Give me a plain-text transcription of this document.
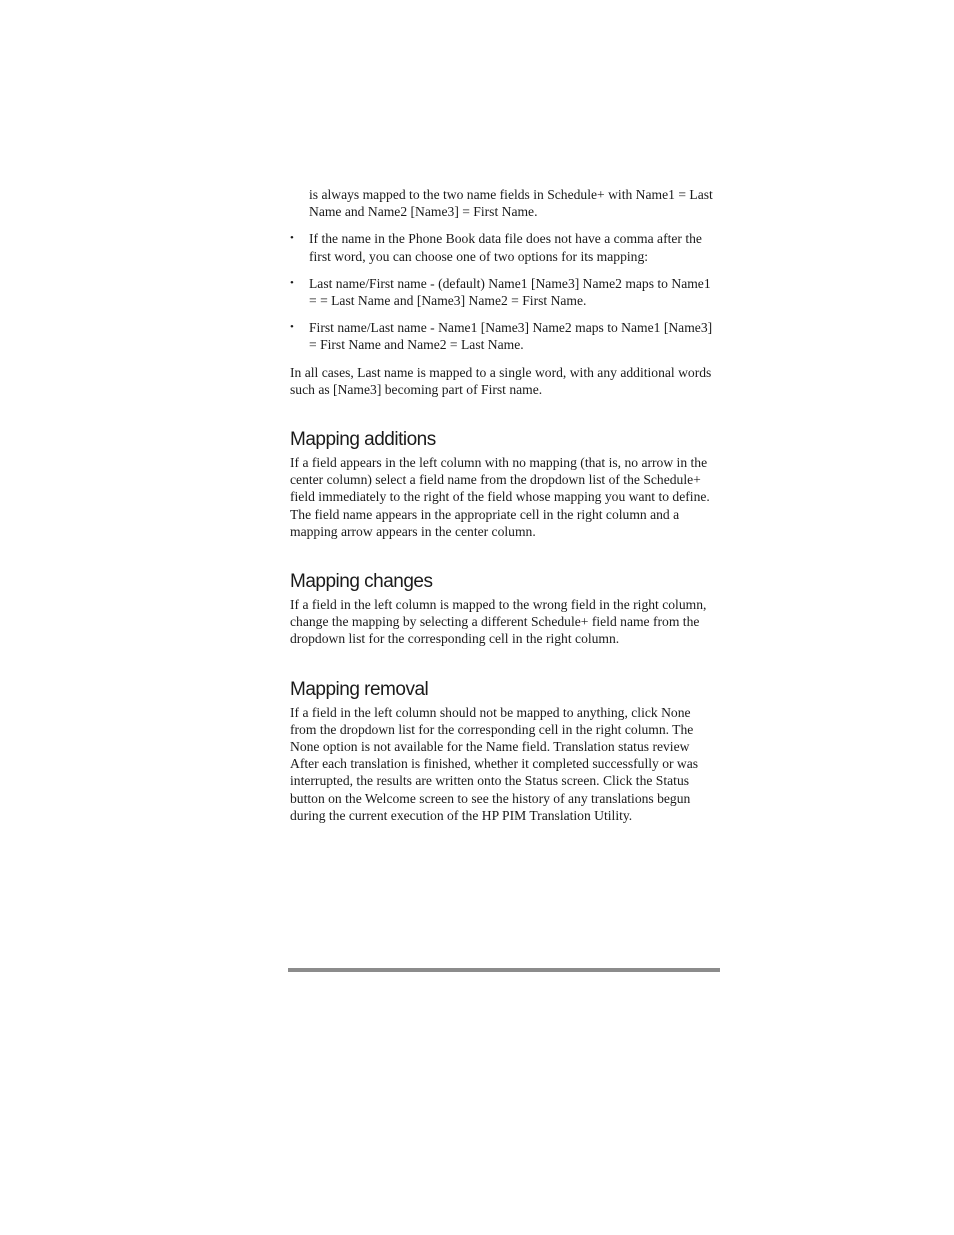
is always mapped to the two name fields in Schedule+ with Name1 = Last Name and Name2 [Name3] = First Name.

• If the name in the Phone Book data file does not have a comma after the first word, you can choose one of two options for its mapping:
• Last name/First name - (default) Name1 [Name3] Name2 maps to Name1 = = Last Name and [Name3] Name2 = First Name.
• First name/Last name - Name1 [Name3] Name2 maps to Name1 [Name3] = First Name and Name2 = Last Name.

In all cases, Last name is mapped to a single word, with any additional words such as [Name3] becoming part of First name.

Mapping additions

If a field appears in the left column with no mapping (that is, no arrow in the center column) select a field name from the dropdown list of the Schedule+ field immediately to the right of the field whose mapping you want to define. The field name appears in the appropriate cell in the right column and a mapping arrow appears in the center column.

Mapping changes

If a field in the left column is mapped to the wrong field in the right column, change the mapping by selecting a different Schedule+ field name from the dropdown list for the corresponding cell in the right column.

Mapping removal

If a field in the left column should not be mapped to anything, click None from the dropdown list for the corresponding cell in the right column. The None option is not available for the Name field. Translation status review After each translation is finished, whether it completed successfully or was interrupted, the results are written onto the Status screen. Click the Status button on the Welcome screen to see the history of any translations begun during the current execution of the HP PIM Translation Utility.
